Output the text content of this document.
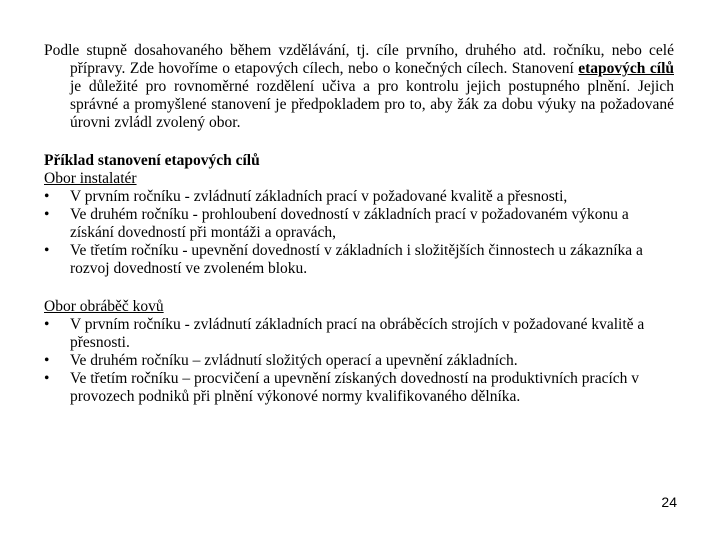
Podle stupně dosahovaného během vzdělávání, tj. cíle prvního, druhého atd. ročníku, nebo celé přípravy. Zde hovoříme o etapových cílech, nebo o konečných cílech. Stanovení etapových cílů je důležité pro rovnoměrné rozdělení učiva a pro kontrolu jejich postupného plnění. Jejich správné a promyšlené stanovení je předpokladem pro to, aby žák za dobu výuky na požadované úrovni zvládl zvolený obor.

Příklad stanovení etapových cílů

Obor instalatér

•	V prvním ročníku - zvládnutí základních prací v požadované kvalitě a přesnosti,
•	Ve druhém ročníku - prohloubení dovedností v základních prací v požadovaném výkonu a získání dovedností při montáži a opravách,
•	Ve třetím ročníku - upevnění dovedností v základních i složitějších činnostech u zákazníka a rozvoj dovedností ve zvoleném bloku.

Obor obráběč kovů

•	V prvním ročníku - zvládnutí základních prací na obráběcích strojích v požadované kvalitě a přesnosti.
•	Ve druhém ročníku – zvládnutí složitých operací a upevnění základních.
•	Ve třetím ročníku – procvičení a upevnění získaných dovedností na produktivních pracích v provozech podniků při plnění výkonové normy kvalifikovaného dělníka.
24
